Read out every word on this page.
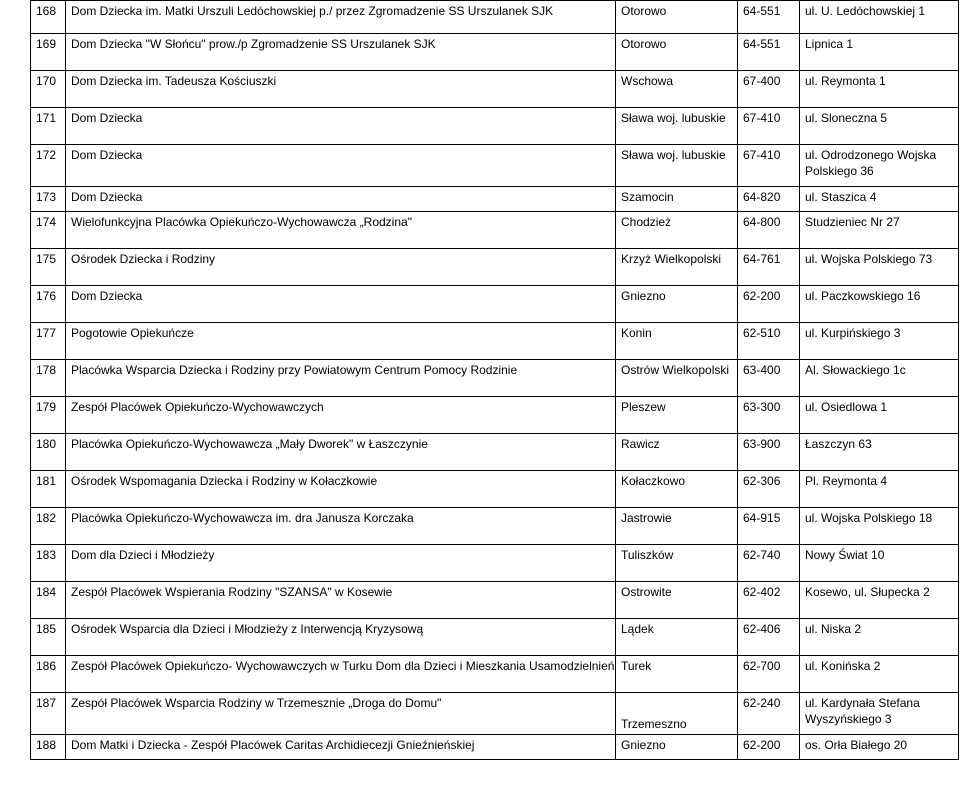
168	Dom Dziecka im. Matki Urszuli Ledóchowskiej p./ przez Zgromadzenie SS Urszulanek SJK	Otorowo	64-551	ul. U. Ledóchowskiej 1
169	Dom Dziecka "W Słońcu" prow./p Zgromadzenie SS Urszulanek SJK	Otorowo	64-551	Lipnica 1
170	Dom Dziecka im. Tadeusza Kościuszki	Wschowa	67-400	ul. Reymonta 1
171	Dom Dziecka	Sława woj. lubuskie	67-410	ul. Sloneczna 5
172	Dom Dziecka	Sława woj. lubuskie	67-410	ul. Odrodzonego Wojska Polskiego 36
173	Dom Dziecka	Szamocin	64-820	ul. Staszica 4
174	Wielofunkcyjna Placówka Opiekuńczo-Wychowawcza „Rodzina"	Chodzież	64-800	Studzieniec Nr 27
175	Ośrodek Dziecka i Rodziny	Krzyż Wielkopolski	64-761	ul. Wojska Polskiego 73
176	Dom Dziecka	Gniezno	62-200	ul. Paczkowskiego 16
177	Pogotowie Opiekuńcze	Konin	62-510	ul. Kurpińskiego 3
178	Placówka Wsparcia Dziecka i Rodziny przy Powiatowym Centrum Pomocy Rodzinie	Ostrów Wielkopolski	63-400	Al. Słowackiego 1c
179	Zespół Placówek Opiekuńczo-Wychowawczych	Pleszew	63-300	ul. Osiedlowa 1
180	Placówka Opiekuńczo-Wychowawcza „Mały Dworek" w Łaszczynie	Rawicz	63-900	Łaszczyn 63
181	Ośrodek Wspomagania Dziecka i Rodziny w Kołaczkowie	Kołaczkowo	62-306	Pl. Reymonta 4
182	Placówka Opiekuńczo-Wychowawcza im. dra Janusza Korczaka	Jastrowie	64-915	ul. Wojska Polskiego 18
183	Dom dla Dzieci i Młodzieży	Tuliszków	62-740	Nowy Świat 10
184	Zespół Placówek Wspierania Rodziny "SZANSA" w Kosewie	Ostrowite	62-402	Kosewo, ul. Słupecka 2
185	Ośrodek Wsparcia dla Dzieci i Młodzieży z Interwencją Kryzysową	Lądek	62-406	ul. Niska 2
186	Zespół Placówek Opiekuńczo- Wychowawczych w Turku Dom dla Dzieci i Mieszkania Usamodzielnień	Turek	62-700	ul. Konińska 2
187	Zespół Placówek Wsparcia Rodziny w Trzemesznie „Droga do Domu"	Trzemeszno	62-240	ul. Kardynała Stefana Wyszyńskiego 3
188	Dom Matki i Dziecka - Zespół Placówek Caritas Archidiecezji Gnieźnieńskiej	Gniezno	62-200	os. Orła Białego 20
